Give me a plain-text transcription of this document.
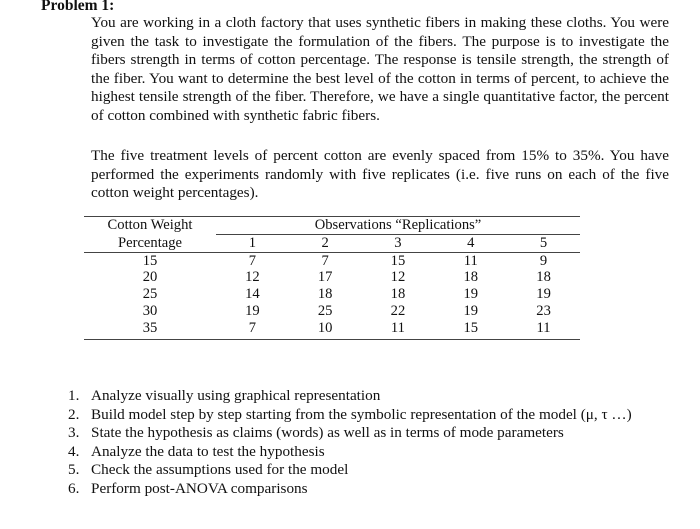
Problem 1:

You are working in a cloth factory that uses synthetic fibers in making these cloths. You were given the task to investigate the formulation of the fibers. The purpose is to investigate the fibers strength in terms of cotton percentage. The response is tensile strength, the strength of the fiber. You want to determine the best level of the cotton in terms of percent, to achieve the highest tensile strength of the fiber. Therefore, we have a single quantitative factor, the percent of cotton combined with synthetic fabric fibers.

The five treatment levels of percent cotton are evenly spaced from 15% to 35%. You have performed the experiments randomly with five replicates (i.e. five runs on each of the five cotton weight percentages).

Cotton Weight	Observations “Replications”				
Percentage	1	2	3	4	5
15	7	7	15	11	9
20	12	17	12	18	18
25	14	18	18	19	19
30	19	25	22	19	23
35	7	10	11	15	11
1. Analyze visually using graphical representation
2. Build model step by step starting from the symbolic representation of the model (μ, τ …)
3. State the hypothesis as claims (words) as well as in terms of mode parameters
4. Analyze the data to test the hypothesis
5. Check the assumptions used for the model
6. Perform post-ANOVA comparisons
